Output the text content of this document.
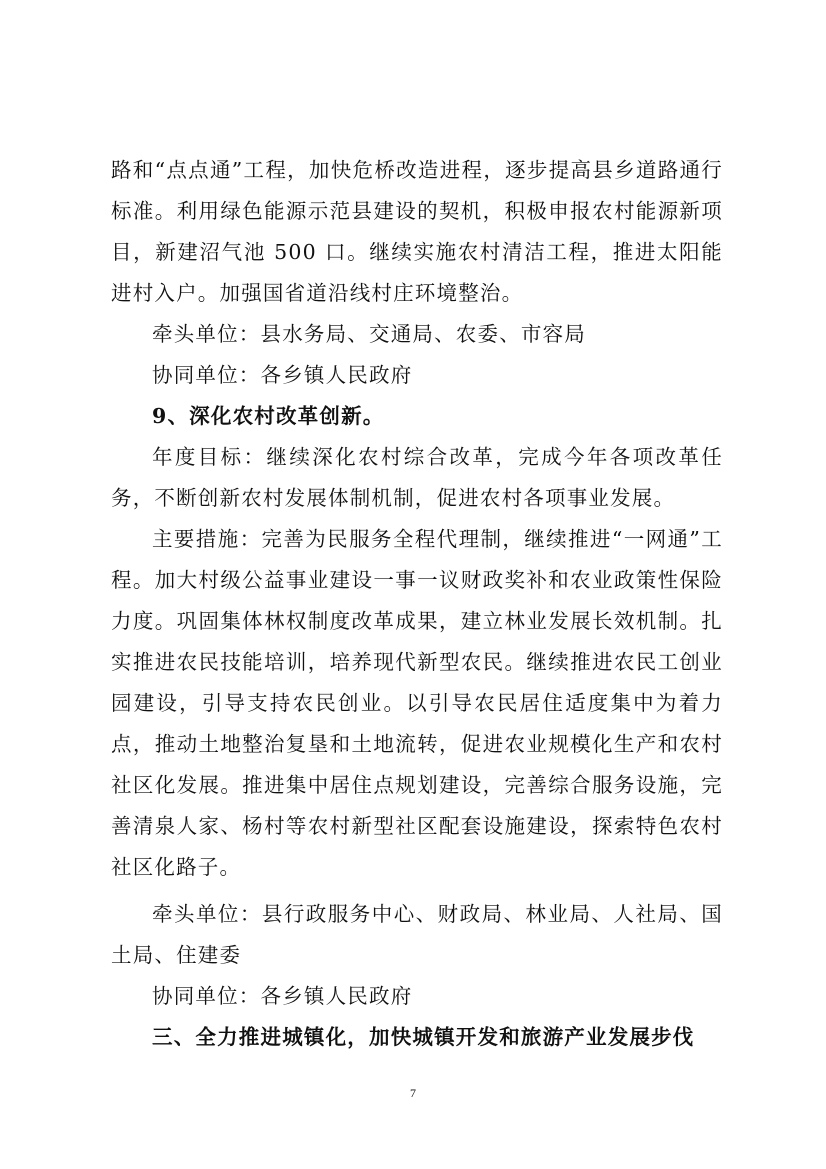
路和“点点通”工程，加快危桥改造进程，逐步提高县乡道路通行标准。利用绿色能源示范县建设的契机，积极申报农村能源新项目，新建沼气池 500 口。继续实施农村清洁工程，推进太阳能进村入户。加强国省道沿线村庄环境整治。

牵头单位：县水务局、交通局、农委、市容局

协同单位：各乡镇人民政府

9、深化农村改革创新。

年度目标：继续深化农村综合改革，完成今年各项改革任务，不断创新农村发展体制机制，促进农村各项事业发展。

主要措施：完善为民服务全程代理制，继续推进“一网通”工程。加大村级公益事业建设一事一议财政奖补和农业政策性保险力度。巩固集体林权制度改革成果，建立林业发展长效机制。扎实推进农民技能培训，培养现代新型农民。继续推进农民工创业园建设，引导支持农民创业。以引导农民居住适度集中为着力点，推动土地整治复垦和土地流转，促进农业规模化生产和农村社区化发展。推进集中居住点规划建设，完善综合服务设施，完善清泉人家、杨村等农村新型社区配套设施建设，探索特色农村社区化路子。

牵头单位：县行政服务中心、财政局、林业局、人社局、国土局、住建委

协同单位：各乡镇人民政府

三、全力推进城镇化，加快城镇开发和旅游产业发展步伐

7
